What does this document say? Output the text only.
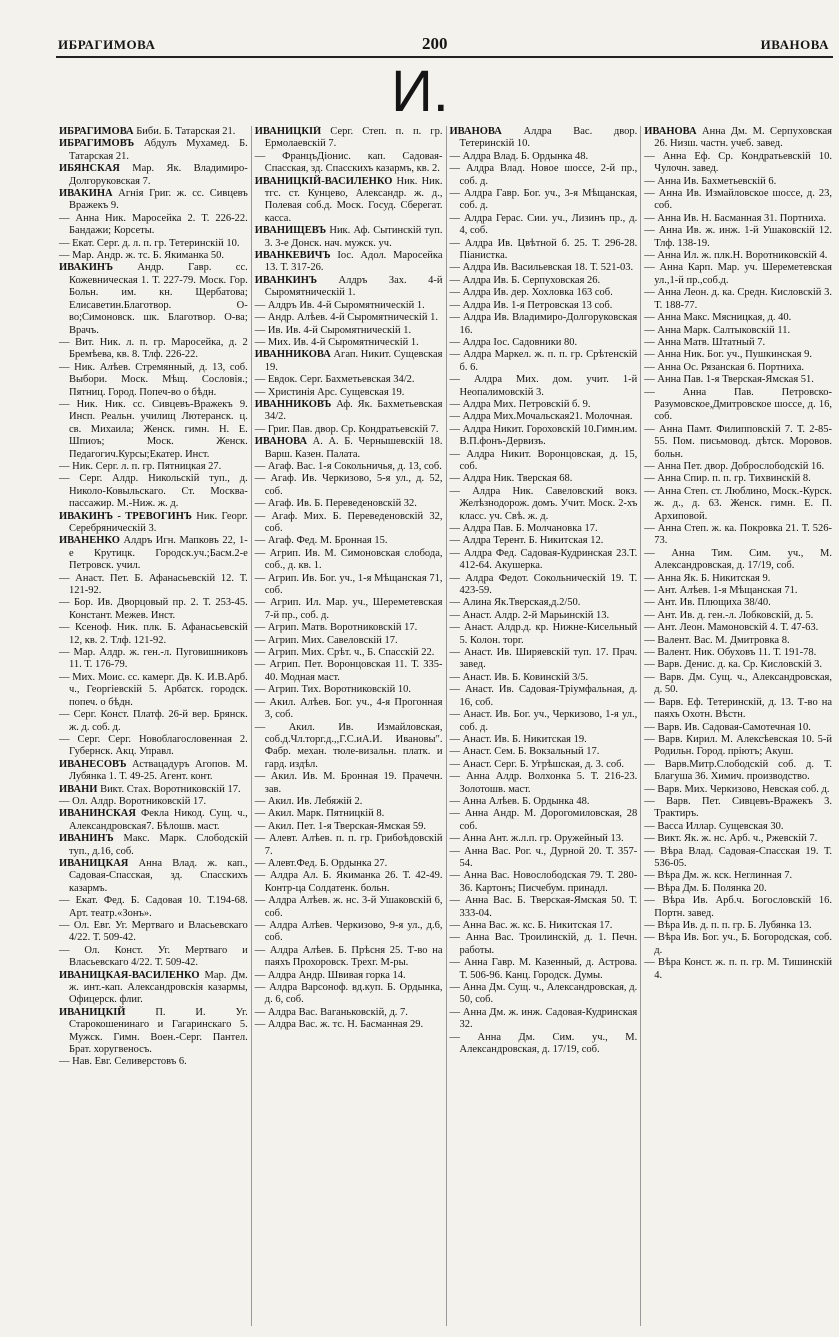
ИБРАГИМОВА	200	ИВАНОВА
И.

ИБРАГИМОВА Биби. Б. Татарская 21.

ИБРАГИМОВЪ Абдулъ Мухамед. Б. Татарская 21.

ИБЯНСКАЯ Мар. Як. Владимиро-Долгоруковская 7.

ИВАКИНА Агнія Григ. ж. сс. Сивцевъ Вражекъ 9.

— Анна Ник. Маросейка 2. Т. 226-22. Бандажи; Корсеты.

— Екат. Серг. д. л. п. гр. Тетеринскій 10.

— Мар. Андр. ж. тс. Б. Якиманка 50.

ИВАКИНЪ Андр. Гавр. сс. Кожевническая 1. Т. 227-79. Моск. Гор. Больн. им. кн. Щербатова; Елисаветин.Благотвор. О-во;Симоновск. шк. Благотвор. О-ва; Врачъ.

— Вит. Ник. л. п. гр. Маросейка, д. 2 Бремѣева, кв. 8. Тлф. 226-22.

— Ник. Алѣев. Стремянный, д. 13, соб. Выбори. Моск. Мѣщ. Сословія.; Пятниц. Город. Попеч-во о бѣдн.

— Ник. Ник. сс. Сивцевъ-Вражекъ 9. Инсп. Реальн. училищ Лютеранск. ц. св. Михаила; Женск. гимн. Н. Е. Шпиоъ; Моск. Женск. Педагогич.Курсы;Екатер. Инст.

— Ник. Серг. л. п. гр. Пятницкая 27.

— Серг. Алдр. Никольскій туп., д. Николо-Ковыльскаго. Ст. Москва-пассажир. М.-Ниж. ж. д.

ИВАКИНЪ - ТРЕВОГИНЪ Ник. Георг. Серебряническій 3.

ИВАНЕНКО Алдръ Игн. Мапковъ 22, 1-е Крутицк. Городск.уч.;Басм.2-е Петровск. учил.

— Анаст. Пет. Б. Афанасьевскій 12. Т. 121-92.

— Бор. Ив. Дворцовый пр. 2. Т. 253-45. Констант. Межев. Инст.

— Ксеноф. Ник. плк. Б. Афанасьевскій 12, кв. 2. Тлф. 121-92.

— Мар. Алдр. ж. ген.-л. Пуговишниковъ 11. Т. 176-79.

— Мих. Моис. сс. камерг. Дв. К. И.В.Арб. ч., Георгіевскій 5. Арбатск. городск. попеч. о бѣдн.

— Серг. Конст. Платф. 26-й вер. Брянск. ж. д. соб. д.

— Серг. Серг. Новоблагословенная 2. Губернск. Акц. Управл.

ИВАНЕСОВЪ Аствацадуръ Агопов. М. Лубянка 1. Т. 49-25. Агент. конт.

ИВАНИ Викт. Стах. Воротниковскій 17.

— Ол. Алдр. Воротниковскій 17.

ИВАНИНСКАЯ Фекла Никод. Сущ. ч., Александровская7. Бѣлошв. маст.

ИВАНИНЪ Макс. Марк. Слободскій туп., д.16, соб.

ИВАНИЦКАЯ Анна Влад. ж. кап., Садовая-Спасская, зд. Спасскихъ казармъ.

— Екат. Фед. Б. Садовая 10. Т.194-68. Арт. театр.«Зонъ».

— Ол. Евг. Уг. Мертваго и Власьевскаго 4/22. Т. 509-42.

— Ол. Конст. Уг. Мертваго и Власьевскаго 4/22. Т. 509-42.

ИВАНИЦКАЯ-ВАСИЛЕНКО Мар. Дм. ж. инт.-кап. Александровскія казармы, Офицерск. флиг.

ИВАНИЦКІЙ П. И. Уг. Старокошенинаго и Гагаринскаго 5. Мужск. Гимн. Воен.-Серг. Пантел. Брат. хоругвеносъ.

— Нав. Евг. Селиверстовъ 6.

ИВАНИЦКІЙ Серг. Степ. п. п. гр. Ермолаевскій 7.

— ФранцъДіонис. кап. Садовая-Спасская, зд. Спасскихъ казармъ, кв. 2.

ИВАНИЦКІЙ-ВАСИЛЕНКО Ник. Ник. тгс. ст. Кунцево, Александр. ж. д., Полевая соб.д. Моск. Госуд. Сберегат. касса.

ИВАНИЩЕВЪ Ник. Аф. Сытинскій туп. 3. 3-е Донск. нач. мужск. уч.

ИВАНКЕВИЧЪ Іос. Адол. Маросейка 13. Т. 317-26.

ИВАНКИНЪ Алдръ Зах. 4-й Сыромятническій 1.

— Алдръ Ив. 4-й Сыромятническій 1.

— Андр. Алѣев. 4-й Сыромятническій 1.

— Ив. Ив. 4-й Сыромятническій 1.

— Мих. Ив. 4-й Сыромятническій 1.

ИВАННИКОВА Агап. Никит. Сущевская 19.

— Евдок. Серг. Бахметьевская 34/2.

— Христинія Арс. Сущевская 19.

ИВАННИКОВЪ Аф. Як. Бахметьевская 34/2.

— Григ. Пав. двор. Ср. Кондратьевскій 7.

ИВАНОВА А. А. Б. Чернышевскій 18. Варш. Казен. Палата.

— Агаф. Вас. 1-я Сокольничья, д. 13, соб.

— Агаф. Ив. Черкизово, 5-я ул., д. 52, соб.

— Агаф. Ив. Б. Переведеновскій 32.

— Агаф. Мих. Б. Переведеновскій 32, соб.

— Агаф. Фед. М. Бронная 15.

— Агрип. Ив. М. Симоновская слобода, соб., д. кв. 1.

— Агрип. Ив. Бог. уч., 1-я Мѣщанская 71, соб.

— Агрип. Ил. Мар. уч., Шереметевская 7-й пр., соб. д.

— Агрип. Матв. Воротниковскій 17.

— Агрип. Мих. Савеловскій 17.

— Агрип. Мих. Срѣт. ч., Б. Спасскій 22.

— Агрип. Пет. Воронцовская 11. Т. 335-40. Модная маст.

— Агрип. Тих. Воротниковскій 10.

— Акил. Алѣев. Бог. уч., 4-я Прогонная 3, соб.

— Акил. Ив. Измайловская, соб.д.Чл.торг.д.,,Г.С.иА.И. Ивановы". Фабр. механ. тюле-визальн. платк. и гард. издѣл.

— Акил. Ив. М. Бронная 19. Прачечн. зав.

— Акил. Ив. Лебяжій 2.

— Акил. Марк. Пятницкій 8.

— Акил. Пет. 1-я Тверская-Ямская 59.

— Алевт. Алѣев. п. п. гр. Грибоѣдовскій 7.

— Алевт.Фед. Б. Ордынка 27.

— Алдра Ал. Б. Якиманка 26. Т. 42-49. Контр-ца Солдатенк. больн.

— Алдра Алѣев. ж. нс. 3-й Ушаковскій 6, соб.

— Алдра Алѣев. Черкизово, 9-я ул., д.6, соб.

— Алдра Алѣев. Б. Прѣсня 25. Т-во на паяхъ Прохоровск. Трехг. М-ры.

— Алдра Андр. Швивая горка 14.

— Алдра Варсоноф. вд.куп. Б. Ордынка, д. 6, соб.

— Алдра Вас. Ваганьковскій, д. 7.

— Алдра Вас. ж. тс. Н. Басманная 29.

ИВАНОВА Алдра Вас. двор. Тетеринскій 10.

— Алдра Влад. Б. Ордынка 48.

— Алдра Влад. Новое шоссе, 2-й пр., соб. д.

— Алдра Гавр. Бог. уч., 3-я Мѣщанская, соб. д.

— Алдра Герас. Сии. уч., Лизинъ пр., д. 4, соб.

— Алдра Ив. Цвѣтной б. 25. Т. 296-28. Піанистка.

— Алдра Ив. Васильевская 18. Т. 521-03.

— Алдра Ив. Б. Серпуховская 26.

— Алдра Ив. дер. Хохловка 163 соб.

— Алдра Ив. 1-я Петровская 13 соб.

— Алдра Ив. Владимиро-Долгоруковская 16.

— Алдра Іос. Садовники 80.

— Алдра Маркел. ж. п. п. гр. Срѣтенскій б. 6.

— Алдра Мих. дом. учит. 1-й Неопалимовскій 3.

— Алдра Мих. Петровскій б. 9.

— Алдра Мих.Мочальская21. Молочная.

— Алдра Никит. Гороховскій 10.Гимн.им. В.П.фонъ-Дервизъ.

— Алдра Никит. Воронцовская, д. 15, соб.

— Алдра Ник. Тверская 68.

— Алдра Ник. Савеловский вокз. Желѣзнодорож. домъ. Учит. Моск. 2-хъ класс. уч. Свѣ. ж. д.

— Алдра Пав. Б. Молчановка 17.

— Алдра Терент. Б. Никитская 12.

— Алдра Фед. Садовая-Кудринская 23.Т. 412-64. Акушерка.

— Алдра Федот. Сокольническій 19. Т. 423-59.

— Алина Як.Тверская,д.2/50.

— Анаст. Алдр. 2-й Марьинскій 13.

— Анаст. Алдр.д. кр. Нижне-Кисельный 5. Колон. торг.

— Анаст. Ив. Ширяевскій туп. 17. Прач. завед.

— Анаст. Ив. Б. Ковинскій 3/5.

— Анаст. Ив. Садовая-Тріумфальная, д. 16, соб.

— Анаст. Ив. Бог. уч., Черкизово, 1-я ул., соб. д.

— Анаст. Ив. Б. Никитская 19.

— Анаст. Сем. Б. Вокзальный 17.

— Анаст. Серг. Б. Угрѣшская, д. 3. соб.

— Анна Алдр. Волхонка 5. Т. 216-23. Золотошв. маст.

— Анна Алѣев. Б. Ордынка 48.

— Анна Андр. М. Дорогомиловская, 28 соб.

— Анна Ант. ж.л.п. гр. Оружейный 13.

— Анна Вас. Рог. ч., Дурной 20. Т. 357-54.

— Анна Вас. Новослободская 79. Т. 280-36. Картонъ; Писчебум. принадл.

— Анна Вас. Б. Тверская-Ямская 50. Т. 333-04.

— Анна Вас. ж. кс. Б. Никитская 17.

— Анна Вас. Троилинскій, д. 1. Печн. работы.

— Анна Гавр. М. Казенный, д. Астрова. Т. 506-96. Канц. Городск. Думы.

— Анна Дм. Сущ. ч., Александровская, д. 50, соб.

— Анна Дм. ж. инж. Садовая-Кудринская 32.

— Анна Дм. Сим. уч., М. Александровская, д. 17/19, соб.

ИВАНОВА Анна Дм. М. Серпуховская 26. Низш. частн. учеб. завед.

— Анна Еф. Ср. Кондратьевскій 10. Чулочн. завед.

— Анна Ив. Бахметьевскій 6.

— Анна Ив. Измайловское шоссе, д. 23, соб.

— Анна Ив. Н. Басманная 31. Портниха.

— Анна Ив. ж. инж. 1-й Ушаковскій 12. Тлф. 138-19.

— Анна Ил. ж. плк.Н. Воротниковскій 4.

— Анна Карп. Мар. уч. Шереметевская ул.,1-й пр.,соб.д.

— Анна Леон. д. ка. Средн. Кисловскій 3. Т. 188-77.

— Анна Макс. Мясницкая, д. 40.

— Анна Марк. Салтыковскій 11.

— Анна Матв. Штатный 7.

— Анна Ник. Бог. уч., Пушкинская 9.

— Анна Ос. Рязанская 6. Портниха.

— Анна Пав. 1-я Тверская-Ямская 51.

— Анна Пав. Петровско-Разумовское,Дмитровское шоссе, д. 16, соб.

— Анна Памт. Филипповскій 7. Т. 2-85-55. Пом. письмовод. дѣтск. Моровов. больн.

— Анна Пет. двор. Доброслободскій 16.

— Анна Спир. п. п. гр. Тихвинскій 8.

— Анна Степ. ст. Люблино, Моск.-Курск. ж. д., д. 63. Женск. гимн. Е. П. Архиповой.

— Анна Степ. ж. ка. Покровка 21. Т. 526-73.

— Анна Тим. Сим. уч., М. Александровская, д. 17/19, соб.

— Анна Як. Б. Никитская 9.

— Ант. Алѣев. 1-я Мѣщанская 71.

— Ант. Ив. Плющиха 38/40.

— Ант. Ив. д. ген.-л. Лобковскій, д. 5.

— Ант. Леон. Мамоновскій 4. Т. 47-63.

— Валент. Вас. М. Дмитровка 8.

— Валент. Ник. Обуховъ 11. Т. 191-78.

— Варв. Денис. д. ка. Ср. Кисловскій 3.

— Варв. Дм. Сущ. ч., Александровская, д. 50.

— Варв. Еф. Тетеринскій, д. 13. Т-во на паяхъ Охотн. Вѣстн.

— Варв. Ив. Садовая-Самотечная 10.

— Варв. Кирил. М. Алексѣевская 10. 5-й Родильн. Город. пріютъ; Акуш.

— Варв.Митр.Слободскій соб. д. Т. Благуша 36. Химич. производство.

— Варв. Мих. Черкизово, Невская соб. д.

— Варв. Пет. Сивцевъ-Вражекъ 3. Трактиръ.

— Васса Иллар. Сущевская 30.

— Викт. Як. ж. нс. Арб. ч., Ржевскій 7.

— Вѣра Влад. Садовая-Спасская 19. Т. 536-05.

— Вѣра Дм. ж. кск. Неглинная 7.

— Вѣра Дм. Б. Полянка 20.

— Вѣра Ив. Арб.ч. Богословскій 16. Портн. завед.

— Вѣра Ив. д. п. п. гр. Б. Лубянка 13.

— Вѣра Ив. Бог. уч., Б. Богородская, соб. д.

— Вѣра Конст. ж. п. п. гр. М. Тишинскій 4.
